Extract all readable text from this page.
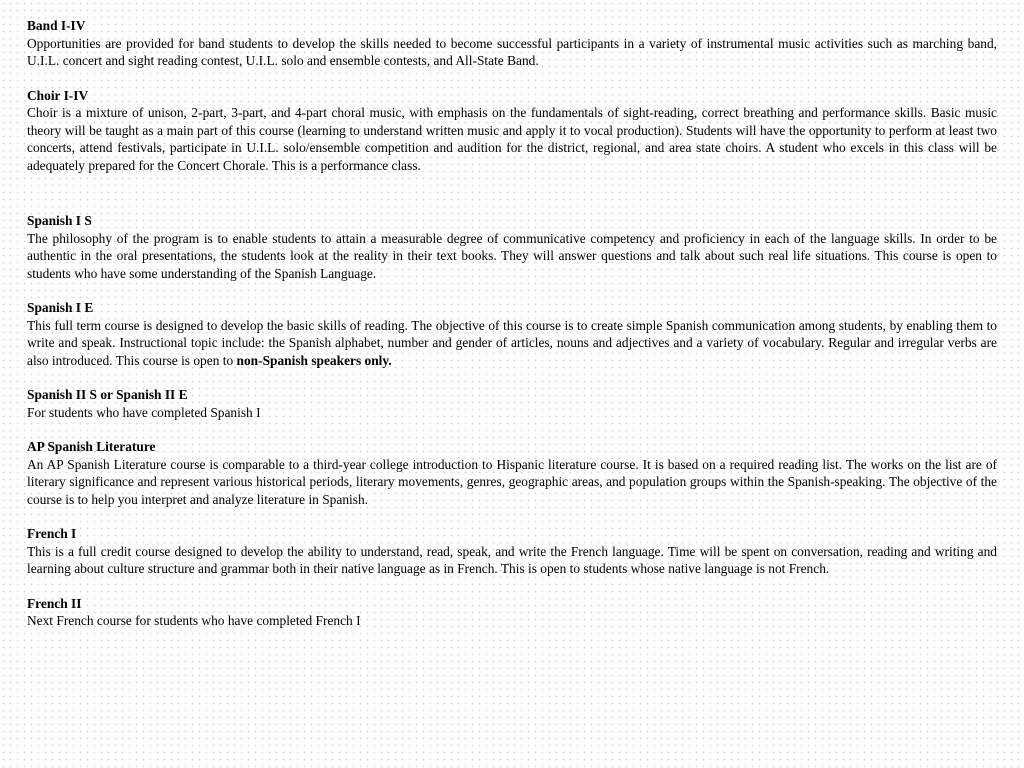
Band I-IV

Opportunities are provided for band students to develop the skills needed to become successful participants in a variety of instrumental music activities such as marching band, U.I.L. concert and sight reading contest, U.I.L. solo and ensemble contests, and All-State Band.

Choir I-IV

Choir is a mixture of unison, 2-part, 3-part, and 4-part choral music, with emphasis on the fundamentals of sight-reading, correct breathing and performance skills. Basic music theory will be taught as a main part of this course (learning to understand written music and apply it to vocal production). Students will have the opportunity to perform at least two concerts, attend festivals, participate in U.I.L. solo/ensemble competition and audition for the district, regional, and area state choirs. A student who excels in this class will be adequately prepared for the Concert Chorale. This is a performance class.

Spanish I S

The philosophy of the program is to enable students to attain a measurable degree of communicative competency and proficiency in each of the language skills. In order to be authentic in the oral presentations, the students look at the reality in their text books. They will answer questions and talk about such real life situations. This course is open to students who have some understanding of the Spanish Language.

Spanish I E

This full term course is designed to develop the basic skills of reading. The objective of this course is to create simple Spanish communication among students, by enabling them to write and speak. Instructional topic include: the Spanish alphabet, number and gender of articles, nouns and adjectives and a variety of vocabulary. Regular and irregular verbs are also introduced. This course is open to non-Spanish speakers only.

Spanish II S or Spanish II E

For students who have completed Spanish I

AP Spanish Literature

An AP Spanish Literature course is comparable to a third-year college introduction to Hispanic literature course. It is based on a required reading list. The works on the list are of literary significance and represent various historical periods, literary movements, genres, geographic areas, and population groups within the Spanish-speaking. The objective of the course is to help you interpret and analyze literature in Spanish.

French I

This is a full credit course designed to develop the ability to understand, read, speak, and write the French language. Time will be spent on conversation, reading and writing and learning about culture structure and grammar both in their native language as in French. This is open to students whose native language is not French.

French II

Next French course for students who have completed French I
